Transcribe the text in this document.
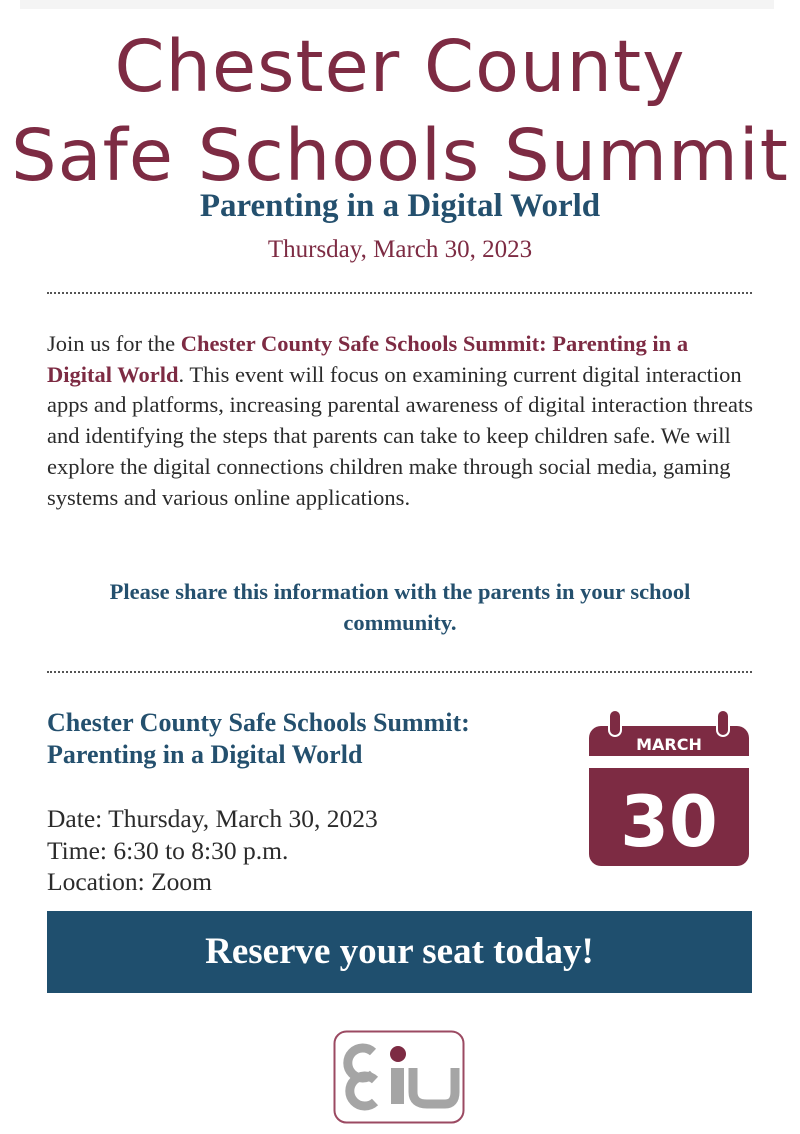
Chester County
Safe Schools Summit
Parenting in a Digital World
Thursday, March 30, 2023

Join us for the Chester County Safe Schools Summit: Parenting in a Digital World. This event will focus on examining current digital interaction apps and platforms, increasing parental awareness of digital interaction threats and identifying the steps that parents can take to keep children safe. We will explore the digital connections children make through social media, gaming systems and various online applications.

Please share this information with the parents in your school community.

Chester County Safe Schools Summit: Parenting in a Digital World
Date: Thursday, March 30, 2023
Time: 6:30 to 8:30 p.m.
Location: Zoom
MARCH
30
Reserve your seat today!
